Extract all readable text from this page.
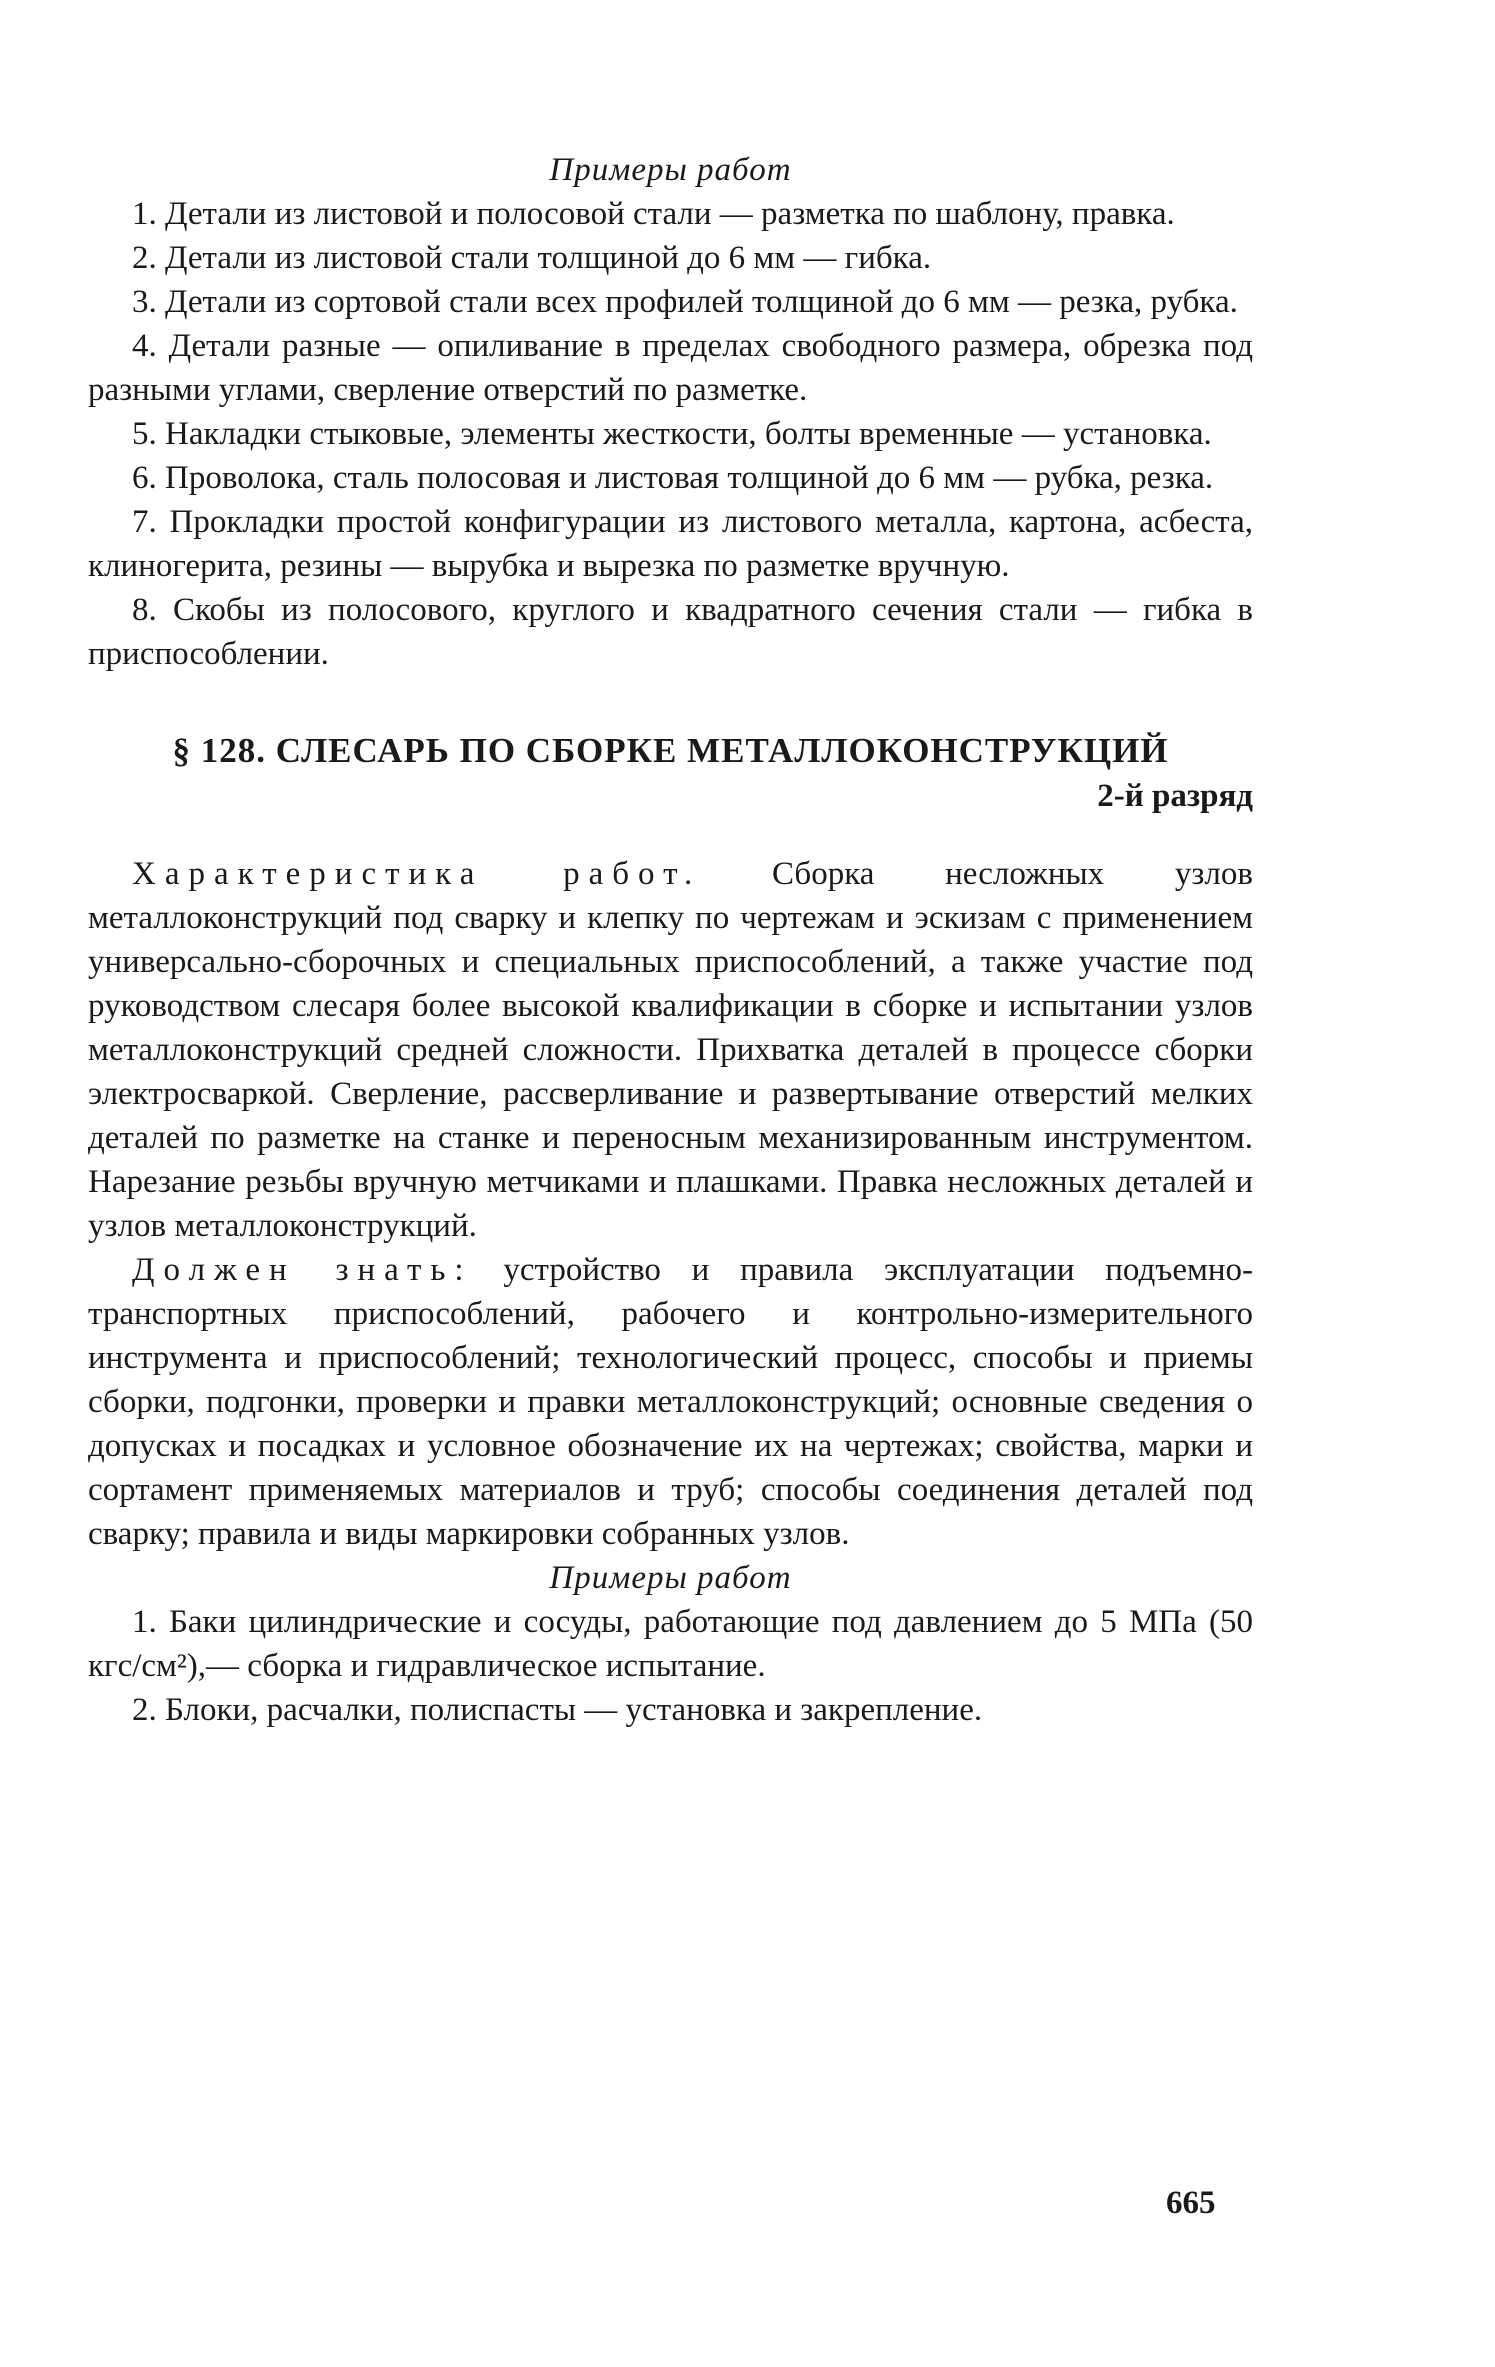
Примеры работ

1. Детали из листовой и полосовой стали — разметка по шаблону, правка.

2. Детали из листовой стали толщиной до 6 мм — гибка.

3. Детали из сортовой стали всех профилей толщиной до 6 мм — резка, рубка.

4. Детали разные — опиливание в пределах свободного размера, обрезка под разными углами, сверление отверстий по разметке.

5. Накладки стыковые, элементы жесткости, болты временные — установка.

6. Проволока, сталь полосовая и листовая толщиной до 6 мм — рубка, резка.

7. Прокладки простой конфигурации из листового металла, картона, асбеста, клиногерита, резины — вырубка и вырезка по разметке вручную.

8. Скобы из полосового, круглого и квадратного сечения стали — гибка в приспособлении.

§ 128. СЛЕСАРЬ ПО СБОРКЕ МЕТАЛЛОКОНСТРУКЦИЙ

2-й разряд

Характеристика работ. Сборка несложных узлов металлоконструкций под сварку и клепку по чертежам и эскизам с применением универсально-сборочных и специальных приспособлений, а также участие под руководством слесаря более высокой квалификации в сборке и испытании узлов металлоконструкций средней сложности. Прихватка деталей в процессе сборки электросваркой. Сверление, рассверливание и развертывание отверстий мелких деталей по разметке на станке и переносным механизированным инструментом. Нарезание резьбы вручную метчиками и плашками. Правка несложных деталей и узлов металлоконструкций.

Должен знать: устройство и правила эксплуатации подъемно-транспортных приспособлений, рабочего и контрольно-измерительного инструмента и приспособлений; технологический процесс, способы и приемы сборки, подгонки, проверки и правки металлоконструкций; основные сведения о допусках и посадках и условное обозначение их на чертежах; свойства, марки и сортамент применяемых материалов и труб; способы соединения деталей под сварку; правила и виды маркировки собранных узлов.

Примеры работ

1. Баки цилиндрические и сосуды, работающие под давлением до 5 МПа (50 кгс/см²),— сборка и гидравлическое испытание.

2. Блоки, расчалки, полиспасты — установка и закрепление.

665
